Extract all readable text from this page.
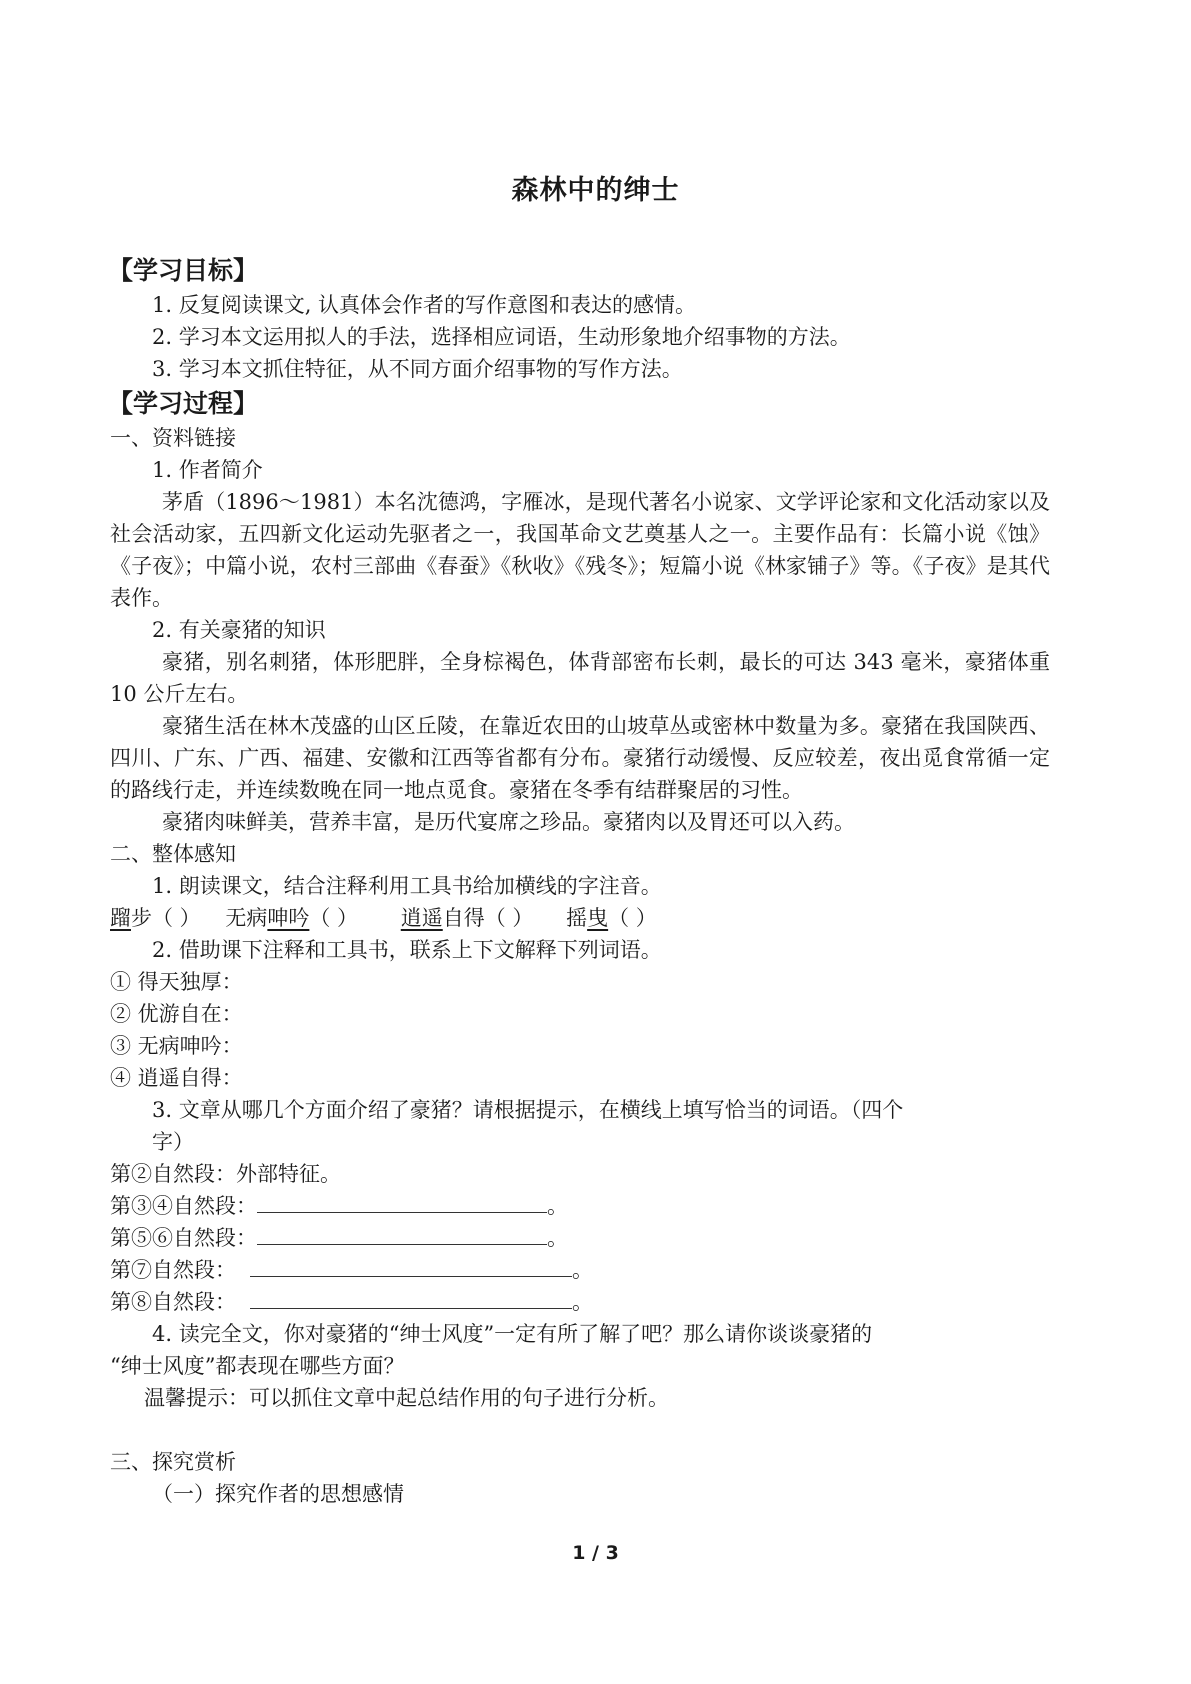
森林中的绅士
【学习目标】
1. 反复阅读课文, 认真体会作者的写作意图和表达的感情。
2. 学习本文运用拟人的手法，选择相应词语，生动形象地介绍事物的方法。
3. 学习本文抓住特征，从不同方面介绍事物的写作方法。
【学习过程】
一、资料链接
1. 作者简介
茅盾（1896～1981）本名沈德鸿，字雁冰，是现代著名小说家、文学评论家和文化活动家以及社会活动家，五四新文化运动先驱者之一，我国革命文艺奠基人之一。主要作品有：长篇小说《蚀》《子夜》；中篇小说，农村三部曲《春蚕》《秋收》《残冬》；短篇小说《林家铺子》等。《子夜》是其代表作。
2. 有关豪猪的知识
豪猪，别名刺猪，体形肥胖，全身棕褐色，体背部密布长刺，最长的可达 343 毫米，豪猪体重 10 公斤左右。
豪猪生活在林木茂盛的山区丘陵，在靠近农田的山坡草丛或密林中数量为多。豪猪在我国陕西、四川、广东、广西、福建、安徽和江西等省都有分布。豪猪行动缓慢、反应较差，夜出觅食常循一定的路线行走，并连续数晚在同一地点觅食。豪猪在冬季有结群聚居的习性。
豪猪肉味鲜美，营养丰富，是历代宴席之珍品。豪猪肉以及胃还可以入药。
二、整体感知
1. 朗读课文，结合注释利用工具书给加横线的字注音。
蹓步（ ） 无病呻吟（ ） 逍遥自得（ ） 摇曳（ ）
2. 借助课下注释和工具书，联系上下文解释下列词语。
① 得天独厚：
② 优游自在：
③ 无病呻吟：
④ 逍遥自得：
3. 文章从哪几个方面介绍了豪猪？请根据提示，在横线上填写恰当的词语。（四个
字）
第②自然段：外部特征。
第③④自然段：	。
第⑤⑥自然段：	。
第⑦自然段：	。
第⑧自然段：	。
4. 读完全文，你对豪猪的“绅士风度”一定有所了解了吧？那么请你谈谈豪猪的
“绅士风度”都表现在哪些方面？
温馨提示：可以抓住文章中起总结作用的句子进行分析。
三、探究赏析
（一）探究作者的思想感情
1 / 3
